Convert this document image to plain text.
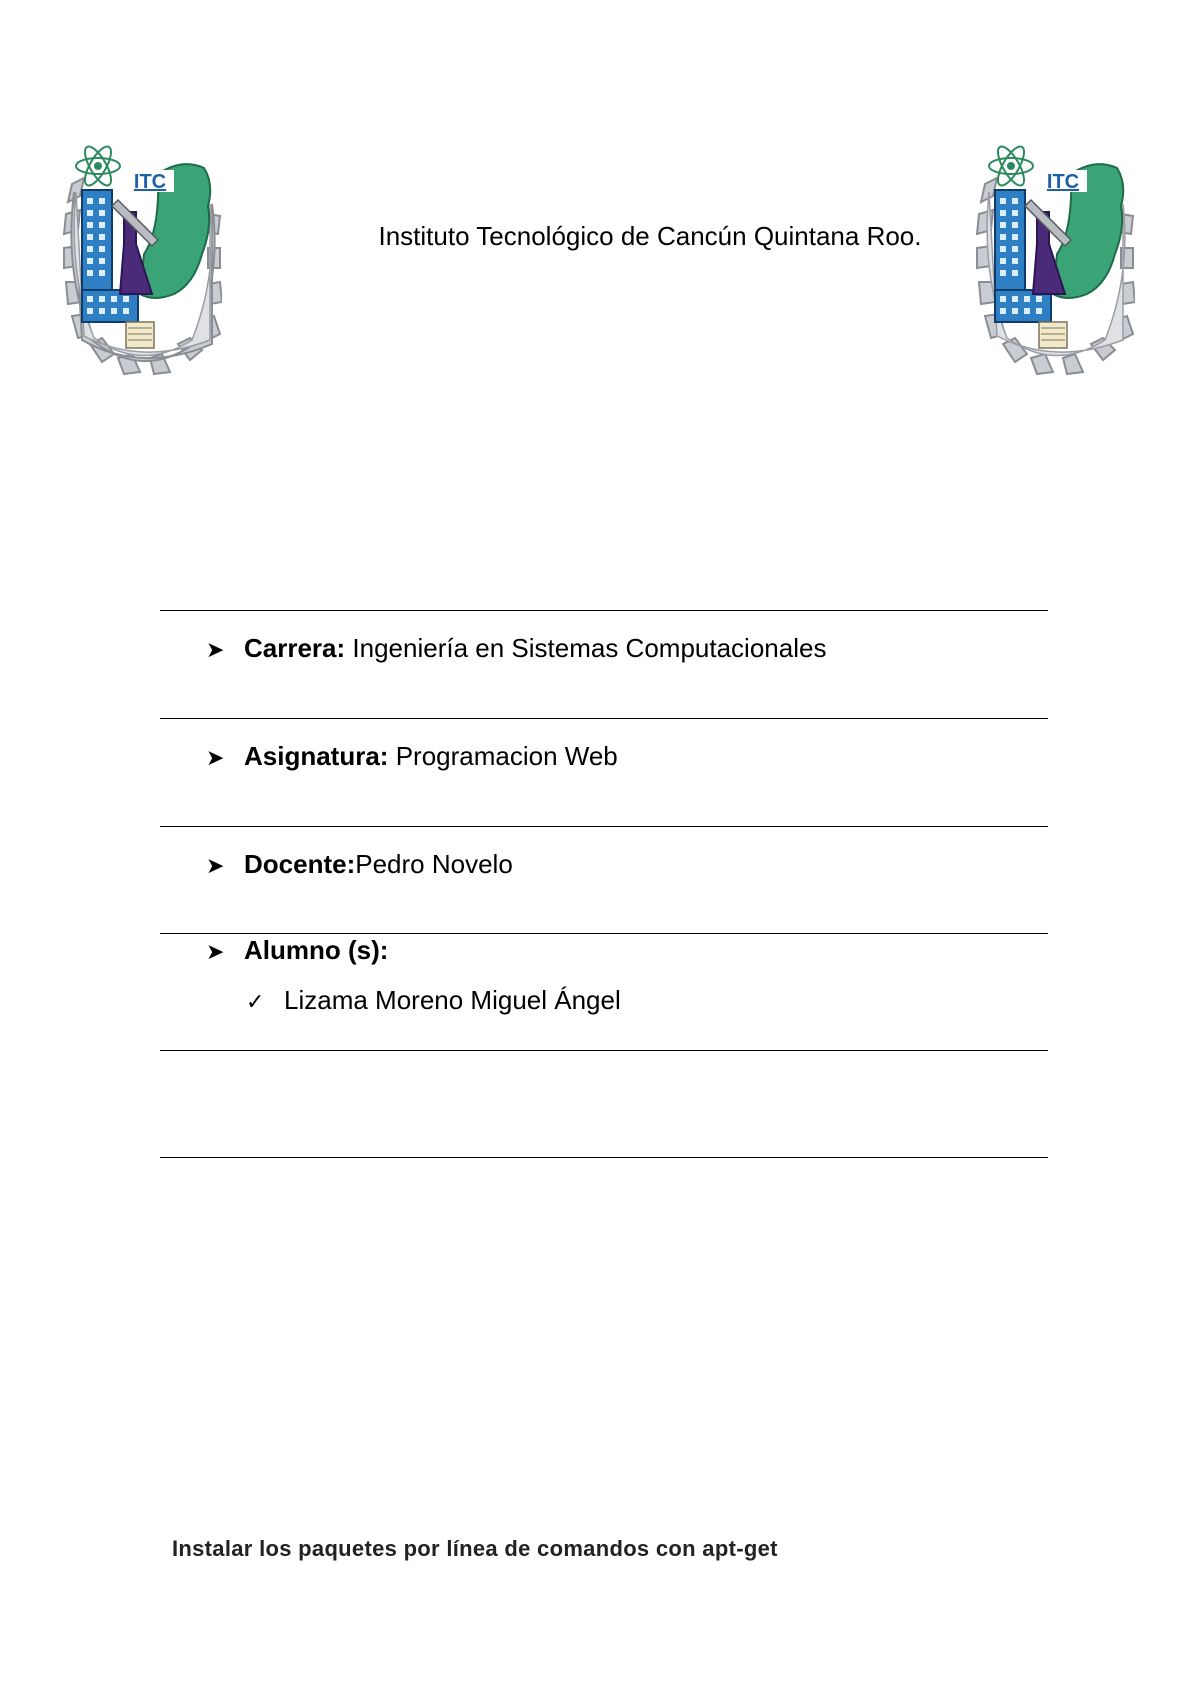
ITC	ITC
Instituto Tecnológico de Cancún Quintana Roo.
➤ Carrera: Ingeniería en Sistemas Computacionales
➤ Asignatura: Programacion Web
➤ Docente:Pedro Novelo
➤ Alumno (s):
✓ Lizama Moreno Miguel Ángel
Instalar los paquetes por línea de comandos con apt-get
